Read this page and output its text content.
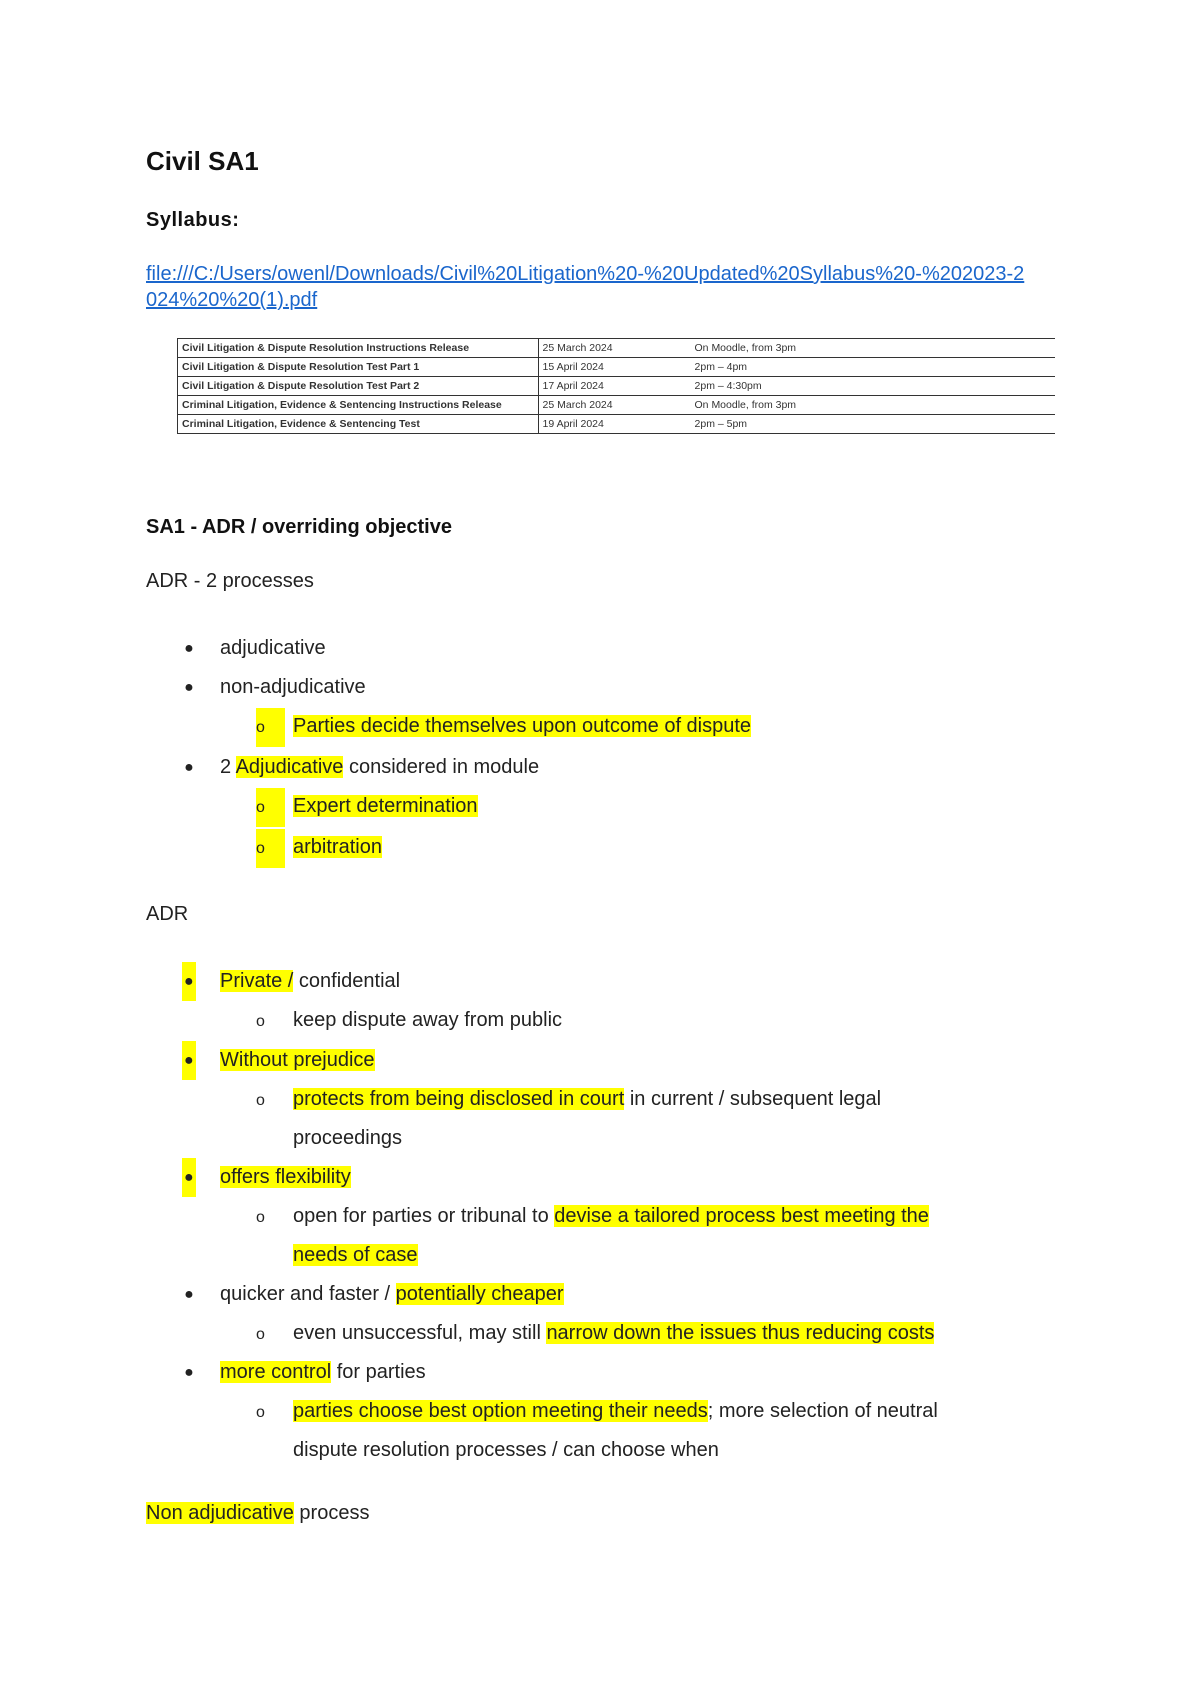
Civil SA1

Syllabus:

file:///C:/Users/owenl/Downloads/Civil%20Litigation%20-%20Updated%20Syllabus%20-%202023-2024%20%20(1).pdf
Civil Litigation & Dispute Resolution Instructions Release	25 March 2024	On Moodle, from 3pm
Civil Litigation & Dispute Resolution Test Part 1	15 April 2024	2pm – 4pm
Civil Litigation & Dispute Resolution Test Part 2	17 April 2024	2pm – 4:30pm
Criminal Litigation, Evidence & Sentencing Instructions Release	25 March 2024	On Moodle, from 3pm
Criminal Litigation, Evidence & Sentencing Test	19 April 2024	2pm – 5pm
SA1 - ADR / overriding objective

ADR - 2 processes

● adjudicative
● non-adjudicative
o	Parties decide themselves upon outcome of dispute
● 2 Adjudicative considered in module
o	Expert determination
o	arbitration

ADR

● Private / confidential
o keep dispute away from public
● Without prejudice
o protects from being disclosed in court in current / subsequent legal
proceedings
● offers flexibility
o open for parties or tribunal to devise a tailored process best meeting the
needs of case
● quicker and faster / potentially cheaper
o even unsuccessful, may still narrow down the issues thus reducing costs
● more control for parties
o parties choose best option meeting their needs; more selection of neutral
dispute resolution processes / can choose when

Non adjudicative process
